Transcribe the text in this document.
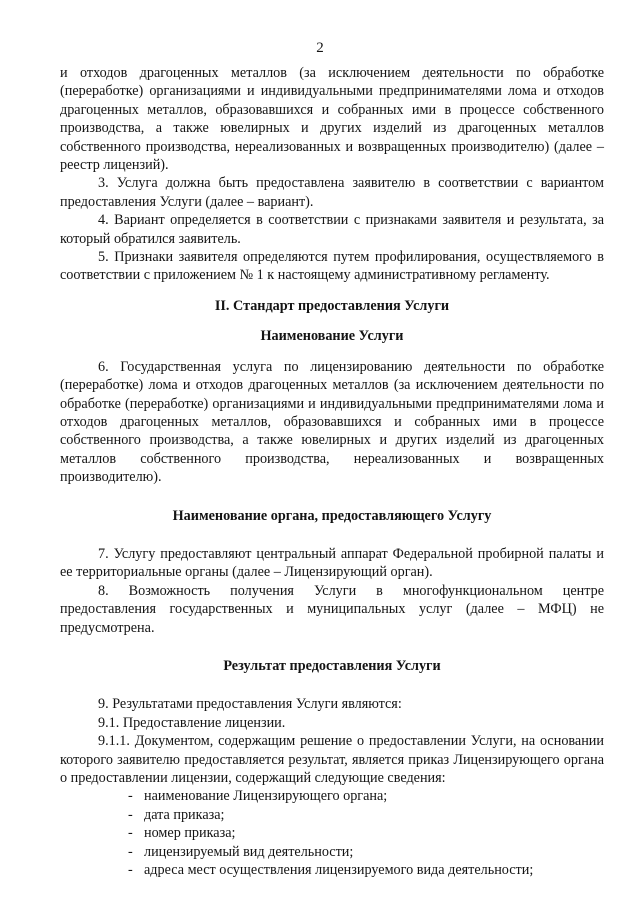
2

и отходов драгоценных металлов (за исключением деятельности по обработке (переработке) организациями и индивидуальными предпринимателями лома и отходов драгоценных металлов, образовавшихся и собранных ими в процессе собственного производства, а также ювелирных и других изделий из драгоценных металлов собственного производства, нереализованных и возвращенных производителю) (далее – реестр лицензий).

3. Услуга должна быть предоставлена заявителю в соответствии с вариантом предоставления Услуги (далее – вариант).

4. Вариант определяется в соответствии с признаками заявителя и результата, за который обратился заявитель.

5. Признаки заявителя определяются путем профилирования, осуществляемого в соответствии с приложением № 1 к настоящему административному регламенту.

II. Стандарт предоставления Услуги
Наименование Услуги

6. Государственная услуга по лицензированию деятельности по обработке (переработке) лома и отходов драгоценных металлов (за исключением деятельности по обработке (переработке) организациями и индивидуальными предпринимателями лома и отходов драгоценных металлов, образовавшихся и собранных ими в процессе собственного производства, а также ювелирных и других изделий из драгоценных металлов собственного производства, нереализованных и возвращенных производителю).

Наименование органа, предоставляющего Услугу

7. Услугу предоставляют центральный аппарат Федеральной пробирной палаты и ее территориальные органы (далее – Лицензирующий орган).

8. Возможность получения Услуги в многофункциональном центре предоставления государственных и муниципальных услуг (далее – МФЦ) не предусмотрена.

Результат предоставления Услуги

9. Результатами предоставления Услуги являются:

9.1. Предоставление лицензии.

9.1.1. Документом, содержащим решение о предоставлении Услуги, на основании которого заявителю предоставляется результат, является приказ Лицензирующего органа о предоставлении лицензии, содержащий следующие сведения:

- наименование Лицензирующего органа;
- дата приказа;
- номер приказа;
- лицензируемый вид деятельности;
- адреса мест осуществления лицензируемого вида деятельности;
